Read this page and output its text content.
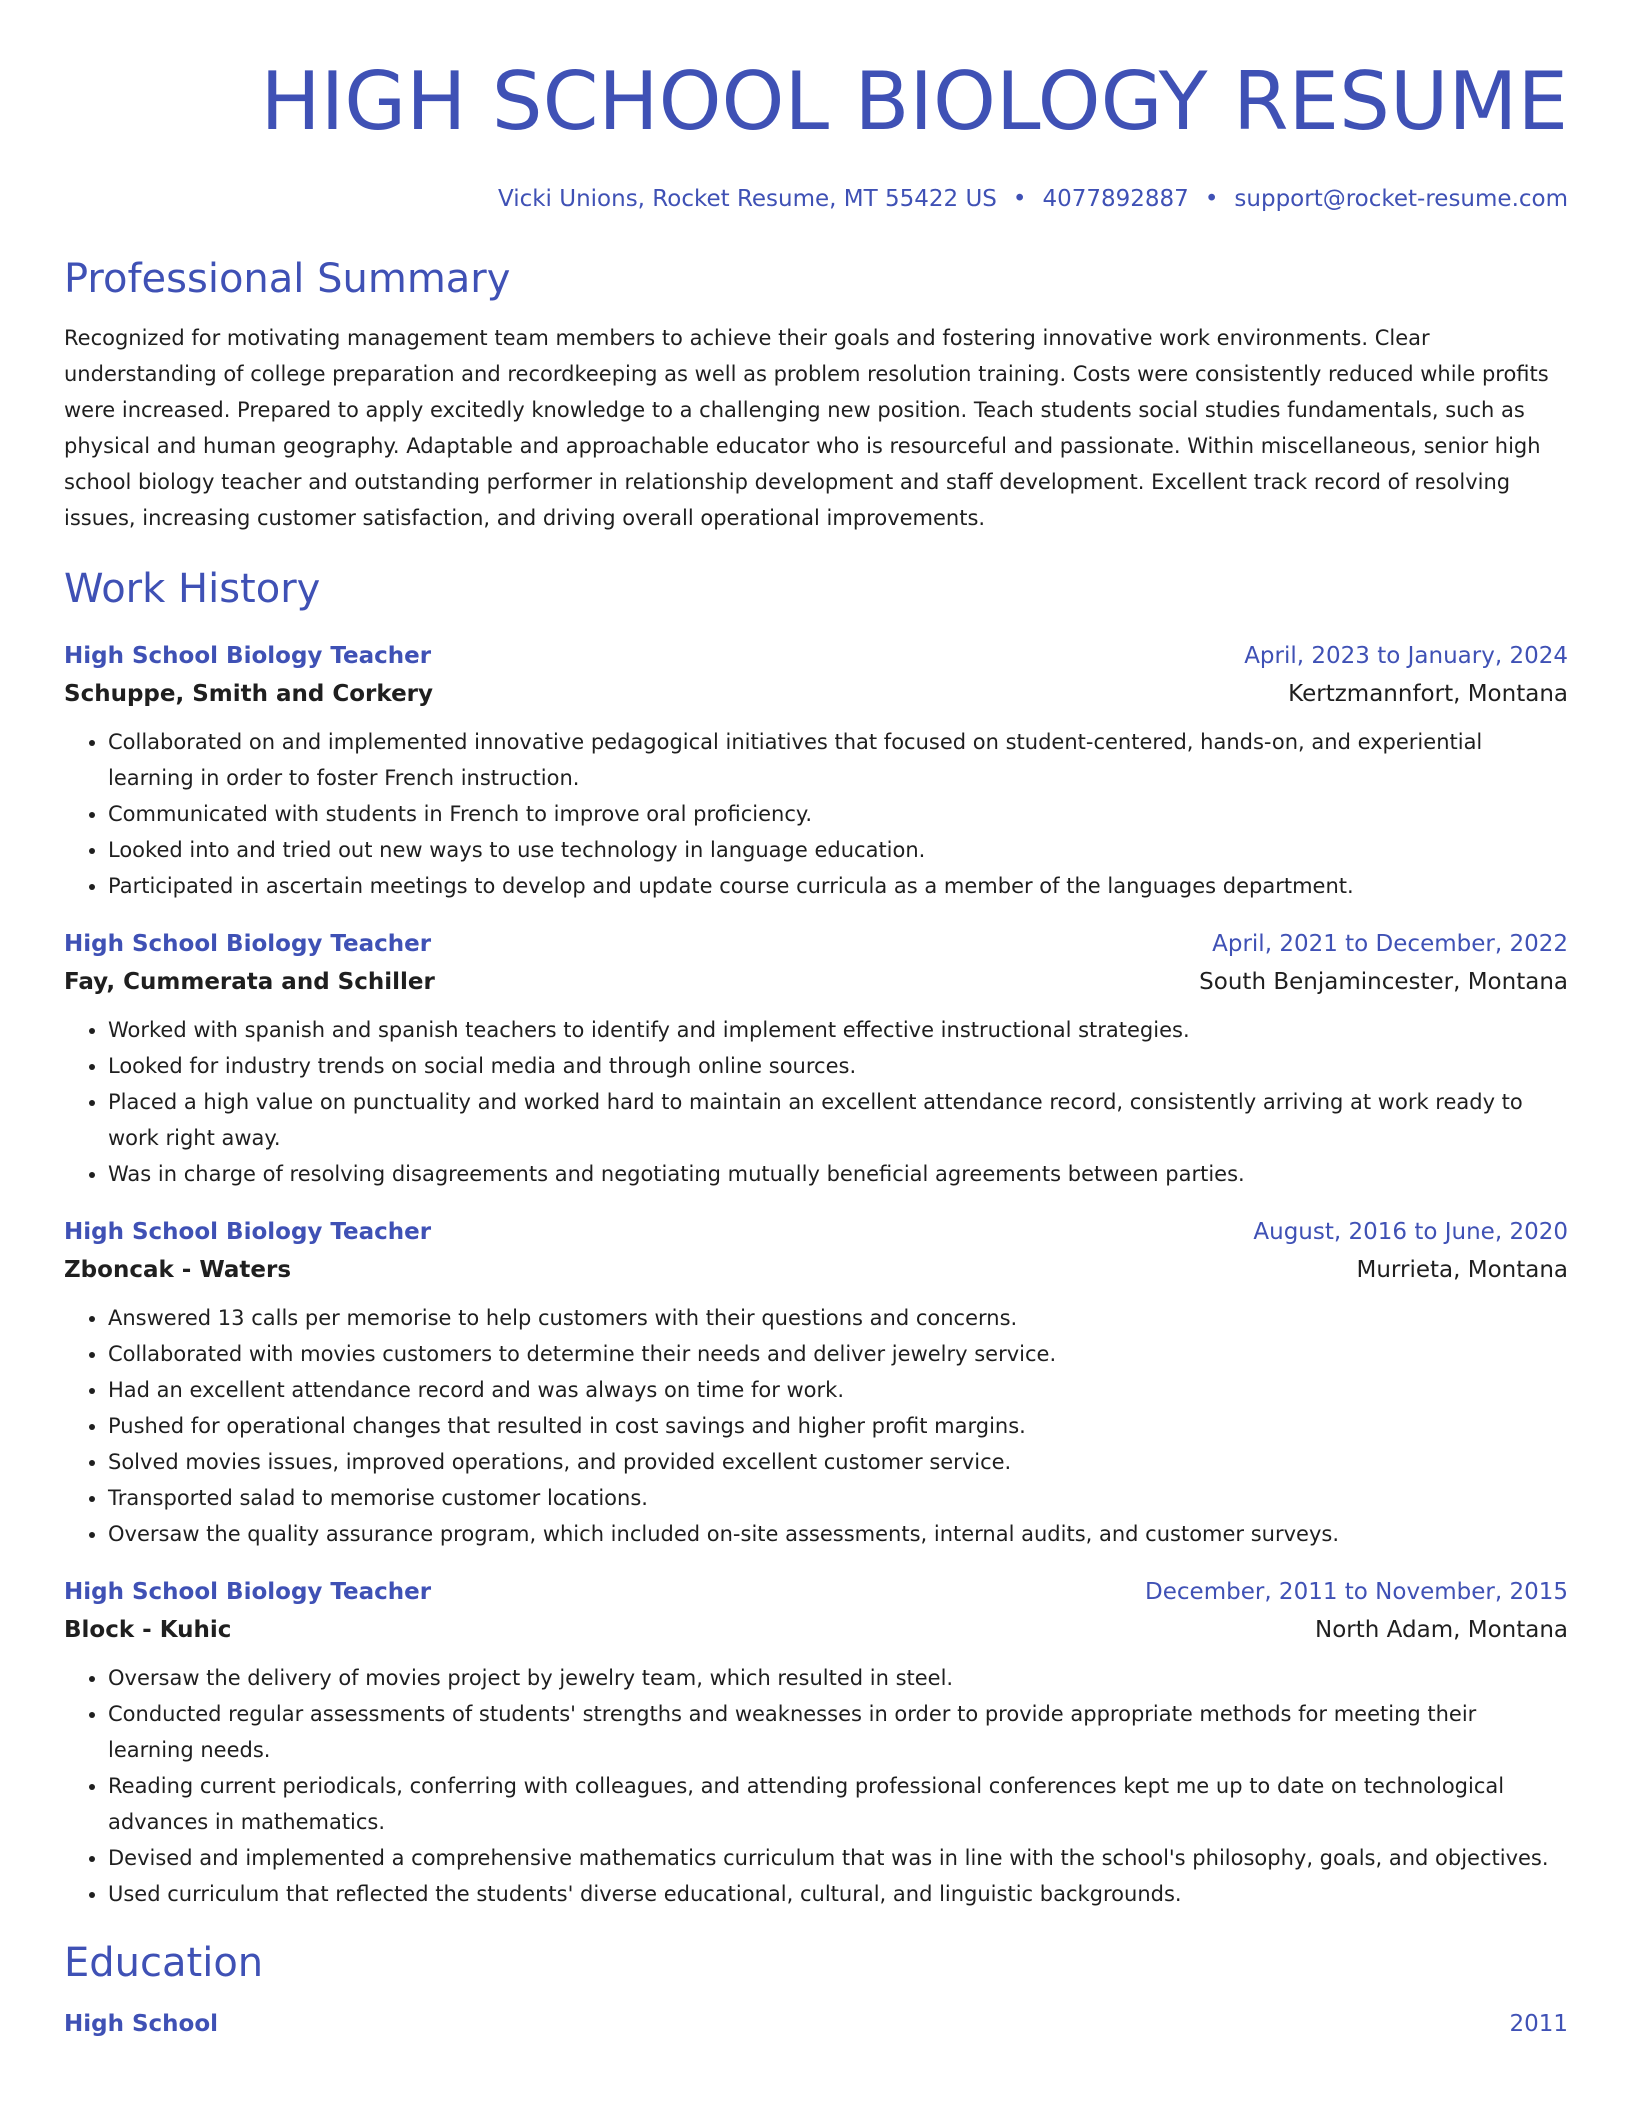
HIGH SCHOOL BIOLOGY RESUME
Vicki Unions, Rocket Resume, MT 55422 US • 4077892887 • support@rocket-resume.com
Professional Summary

Recognized for motivating management team members to achieve their goals and fostering innovative work environments. Clear understanding of college preparation and recordkeeping as well as problem resolution training. Costs were consistently reduced while profits were increased. Prepared to apply excitedly knowledge to a challenging new position. Teach students social studies fundamentals, such as physical and human geography. Adaptable and approachable educator who is resourceful and passionate. Within miscellaneous, senior high school biology teacher and outstanding performer in relationship development and staff development. Excellent track record of resolving issues, increasing customer satisfaction, and driving overall operational improvements.

Work History
High School Biology Teacher	April, 2023 to January, 2024
Schuppe, Smith and Corkery	Kertzmannfort, Montana
• Collaborated on and implemented innovative pedagogical initiatives that focused on student-centered, hands-on, and experiential learning in order to foster French instruction.
• Communicated with students in French to improve oral proficiency.
• Looked into and tried out new ways to use technology in language education.
• Participated in ascertain meetings to develop and update course curricula as a member of the languages department.
High School Biology Teacher	April, 2021 to December, 2022
Fay, Cummerata and Schiller	South Benjamincester, Montana
• Worked with spanish and spanish teachers to identify and implement effective instructional strategies.
• Looked for industry trends on social media and through online sources.
• Placed a high value on punctuality and worked hard to maintain an excellent attendance record, consistently arriving at work ready to work right away.
• Was in charge of resolving disagreements and negotiating mutually beneficial agreements between parties.
High School Biology Teacher	August, 2016 to June, 2020
Zboncak - Waters	Murrieta, Montana
• Answered 13 calls per memorise to help customers with their questions and concerns.
• Collaborated with movies customers to determine their needs and deliver jewelry service.
• Had an excellent attendance record and was always on time for work.
• Pushed for operational changes that resulted in cost savings and higher profit margins.
• Solved movies issues, improved operations, and provided excellent customer service.
• Transported salad to memorise customer locations.
• Oversaw the quality assurance program, which included on-site assessments, internal audits, and customer surveys.
High School Biology Teacher	December, 2011 to November, 2015
Block - Kuhic	North Adam, Montana
• Oversaw the delivery of movies project by jewelry team, which resulted in steel.
• Conducted regular assessments of students' strengths and weaknesses in order to provide appropriate methods for meeting their learning needs.
• Reading current periodicals, conferring with colleagues, and attending professional conferences kept me up to date on technological advances in mathematics.
• Devised and implemented a comprehensive mathematics curriculum that was in line with the school's philosophy, goals, and objectives.
• Used curriculum that reflected the students' diverse educational, cultural, and linguistic backgrounds.
Education
High School	2011
